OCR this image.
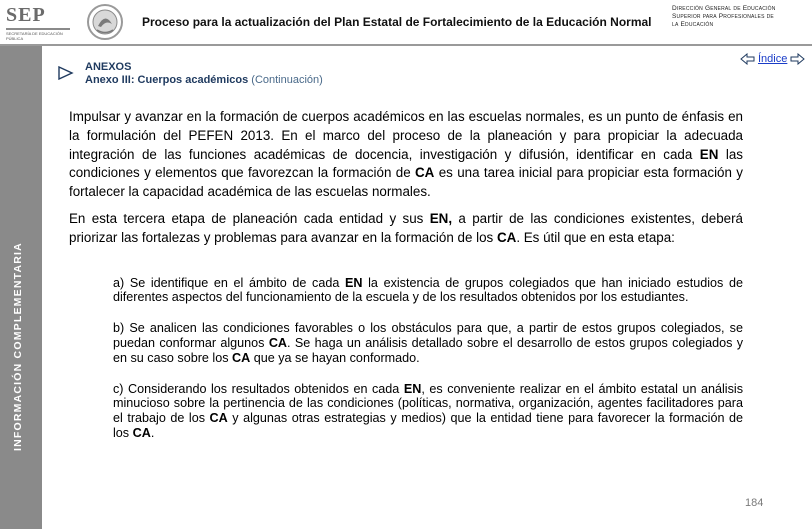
SEP
SECRETARÍA DE EDUCACIÓN PÚBLICA
Proceso para la actualización del Plan Estatal de Fortalecimiento de la Educación Normal
Dirección General de Educación
Superior para Profesionales de
la Educación
INFORMACIÓN COMPLEMENTARIA
ANEXOS
Anexo III: Cuerpos académicos (Continuación)
Índice

Impulsar y avanzar en la formación de cuerpos académicos en las escuelas normales, es un punto de énfasis en la formulación del PEFEN 2013. En el marco del proceso de la planeación y para propiciar la adecuada integración de las funciones académicas de docencia, investigación y difusión, identificar en cada EN las condiciones y elementos que favorezcan la formación de CA es una tarea inicial para propiciar esta formación y fortalecer la capacidad académica de las escuelas normales.

En esta tercera etapa de planeación cada entidad y sus EN, a partir de las condiciones existentes, deberá priorizar las fortalezas y problemas para avanzar en la formación de los CA. Es útil que en esta etapa:

a) Se identifique en el ámbito de cada EN la existencia de grupos colegiados que han iniciado estudios de diferentes aspectos del funcionamiento de la escuela y de los resultados obtenidos por los estudiantes.

b) Se analicen las condiciones favorables o los obstáculos para que, a partir de estos grupos colegiados, se puedan conformar algunos CA. Se haga un análisis detallado sobre el desarrollo de estos grupos colegiados y en su caso sobre los CA que ya se hayan conformado.

c) Considerando los resultados obtenidos en cada EN, es conveniente realizar en el ámbito estatal un análisis minucioso sobre la pertinencia de las condiciones (políticas, normativa, organización, agentes facilitadores para el trabajo de los CA y algunas otras estrategias y medios) que la entidad tiene para favorecer la formación de los CA.

184
